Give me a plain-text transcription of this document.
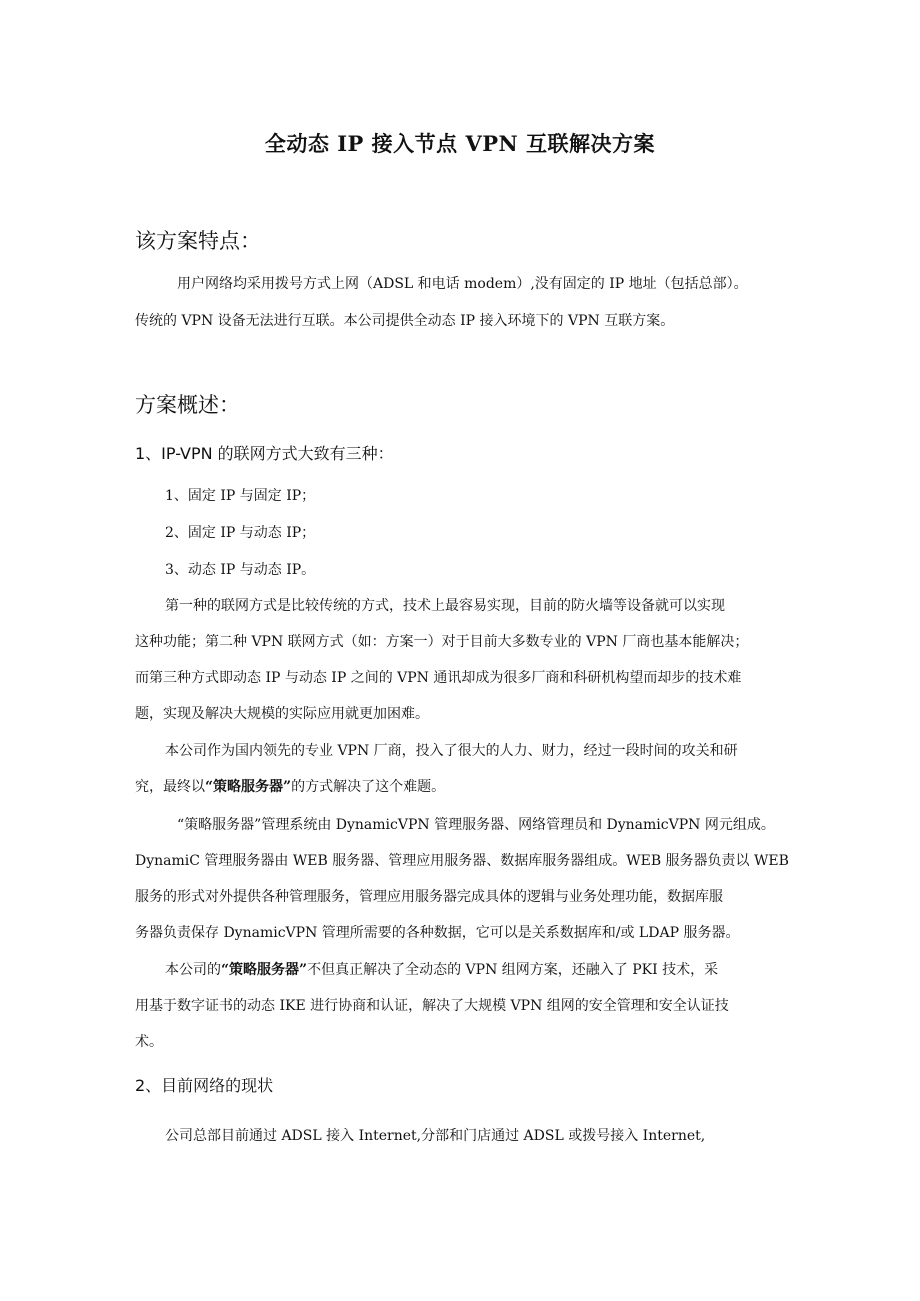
全动态 IP 接入节点 VPN 互联解决方案
该方案特点：
用户网络均采用拨号方式上网（ADSL 和电话 modem）,没有固定的 IP 地址（包括总部）。
传统的 VPN 设备无法进行互联。本公司提供全动态 IP 接入环境下的 VPN 互联方案。
方案概述：
1、IP-VPN 的联网方式大致有三种：
1、固定 IP 与固定 IP；
2、固定 IP 与动态 IP；
3、动态 IP 与动态 IP。
第一种的联网方式是比较传统的方式，技术上最容易实现，目前的防火墙等设备就可以实现
这种功能；第二种 VPN 联网方式（如：方案一）对于目前大多数专业的 VPN 厂商也基本能解决；
而第三种方式即动态 IP 与动态 IP 之间的 VPN 通讯却成为很多厂商和科研机构望而却步的技术难
题，实现及解决大规模的实际应用就更加困难。
本公司作为国内领先的专业 VPN 厂商，投入了很大的人力、财力，经过一段时间的攻关和研
究，最终以“策略服务器”的方式解决了这个难题。
“策略服务器”管理系统由 DynamicVPN 管理服务器、网络管理员和 DynamicVPN 网元组成。
DynamiC 管理服务器由 WEB 服务器、管理应用服务器、数据库服务器组成。WEB 服务器负责以 WEB
服务的形式对外提供各种管理服务，管理应用服务器完成具体的逻辑与业务处理功能，数据库服
务器负责保存 DynamicVPN 管理所需要的各种数据，它可以是关系数据库和/或 LDAP 服务器。
本公司的“策略服务器”不但真正解决了全动态的 VPN 组网方案，还融入了 PKI 技术，采
用基于数字证书的动态 IKE 进行协商和认证，解决了大规模 VPN 组网的安全管理和安全认证技
术。
2、目前网络的现状
公司总部目前通过 ADSL 接入 Internet,分部和门店通过 ADSL 或拨号接入 Internet,
